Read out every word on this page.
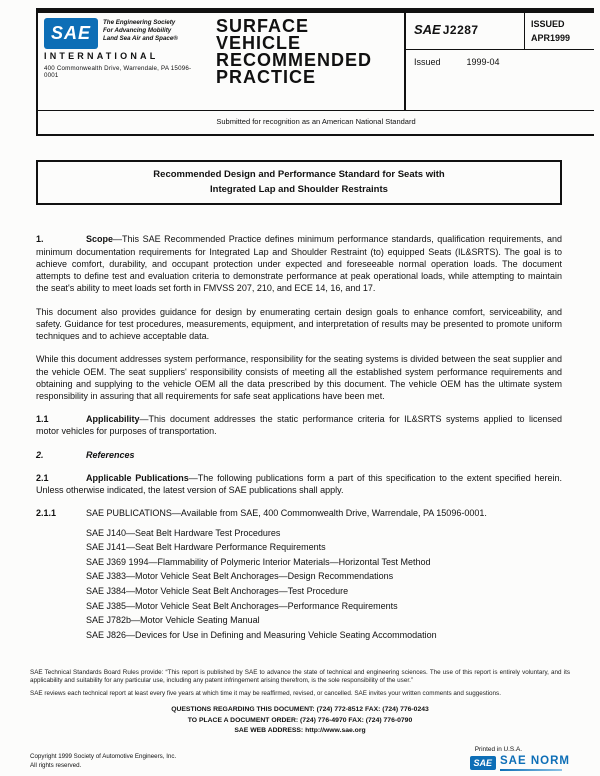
SAE
The Engineering Society
For Advancing Mobility
Land Sea Air and Space®
INTERNATIONAL
400 Commonwealth Drive, Warrendale, PA 15096-0001
SURFACE
VEHICLE
RECOMMENDED
PRACTICE
SAE J2287	ISSUED
APR1999
Issued	1999-04
Submitted for recognition as an American National Standard
Recommended Design and Performance Standard for Seats with
Integrated Lap and Shoulder Restraints

1.	Scope—This SAE Recommended Practice defines minimum performance standards, qualification requirements, and minimum documentation requirements for Integrated Lap and Shoulder Restraint (to) equipped Seats (IL&SRTS). The goal is to achieve comfort, durability, and occupant protection under expected and foreseeable normal operation loads. The document attempts to define test and evaluation criteria to demonstrate performance at peak operational loads, while attempting to maintain the seat's ability to meet loads set forth in FMVSS 207, 210, and ECE 14, 16, and 17.

This document also provides guidance for design by enumerating certain design goals to enhance comfort, serviceability, and safety. Guidance for test procedures, measurements, equipment, and interpretation of results may be presented to promote uniform techniques and to achieve acceptable data.

While this document addresses system performance, responsibility for the seating systems is divided between the seat supplier and the vehicle OEM. The seat suppliers' responsibility consists of meeting all the established system performance requirements and obtaining and supplying to the vehicle OEM all the data prescribed by this document. The vehicle OEM has the ultimate system responsibility in assuring that all requirements for safe seat applications have been met.

1.1	Applicability—This document addresses the static performance criteria for IL&SRTS systems applied to licensed motor vehicles for purposes of transportation.

2.	References

2.1	Applicable Publications—The following publications form a part of this specification to the extent specified herein. Unless otherwise indicated, the latest version of SAE publications shall apply.

2.1.1	SAE PUBLICATIONS—Available from SAE, 400 Commonwealth Drive, Warrendale, PA 15096-0001.

SAE J140—Seat Belt Hardware Test Procedures
SAE J141—Seat Belt Hardware Performance Requirements
SAE J369 1994—Flammability of Polymeric Interior Materials—Horizontal Test Method
SAE J383—Motor Vehicle Seat Belt Anchorages—Design Recommendations
SAE J384—Motor Vehicle Seat Belt Anchorages—Test Procedure
SAE J385—Motor Vehicle Seat Belt Anchorages—Performance Requirements
SAE J782b—Motor Vehicle Seating Manual
SAE J826—Devices for Use in Defining and Measuring Vehicle Seating Accommodation

SAE Technical Standards Board Rules provide: “This report is published by SAE to advance the state of technical and engineering sciences. The use of this report is entirely voluntary, and its applicability and suitability for any particular use, including any patent infringement arising therefrom, is the sole responsibility of the user.”

SAE reviews each technical report at least every five years at which time it may be reaffirmed, revised, or cancelled. SAE invites your written comments and suggestions.

QUESTIONS REGARDING THIS DOCUMENT: (724) 772-8512 FAX: (724) 776-0243
TO PLACE A DOCUMENT ORDER: (724) 776-4970 FAX: (724) 776-0790
SAE WEB ADDRESS: http://www.sae.org
Copyright 1999 Society of Automotive Engineers, Inc.
All rights reserved.
Printed in U.S.A.
SAE SAE NORM
